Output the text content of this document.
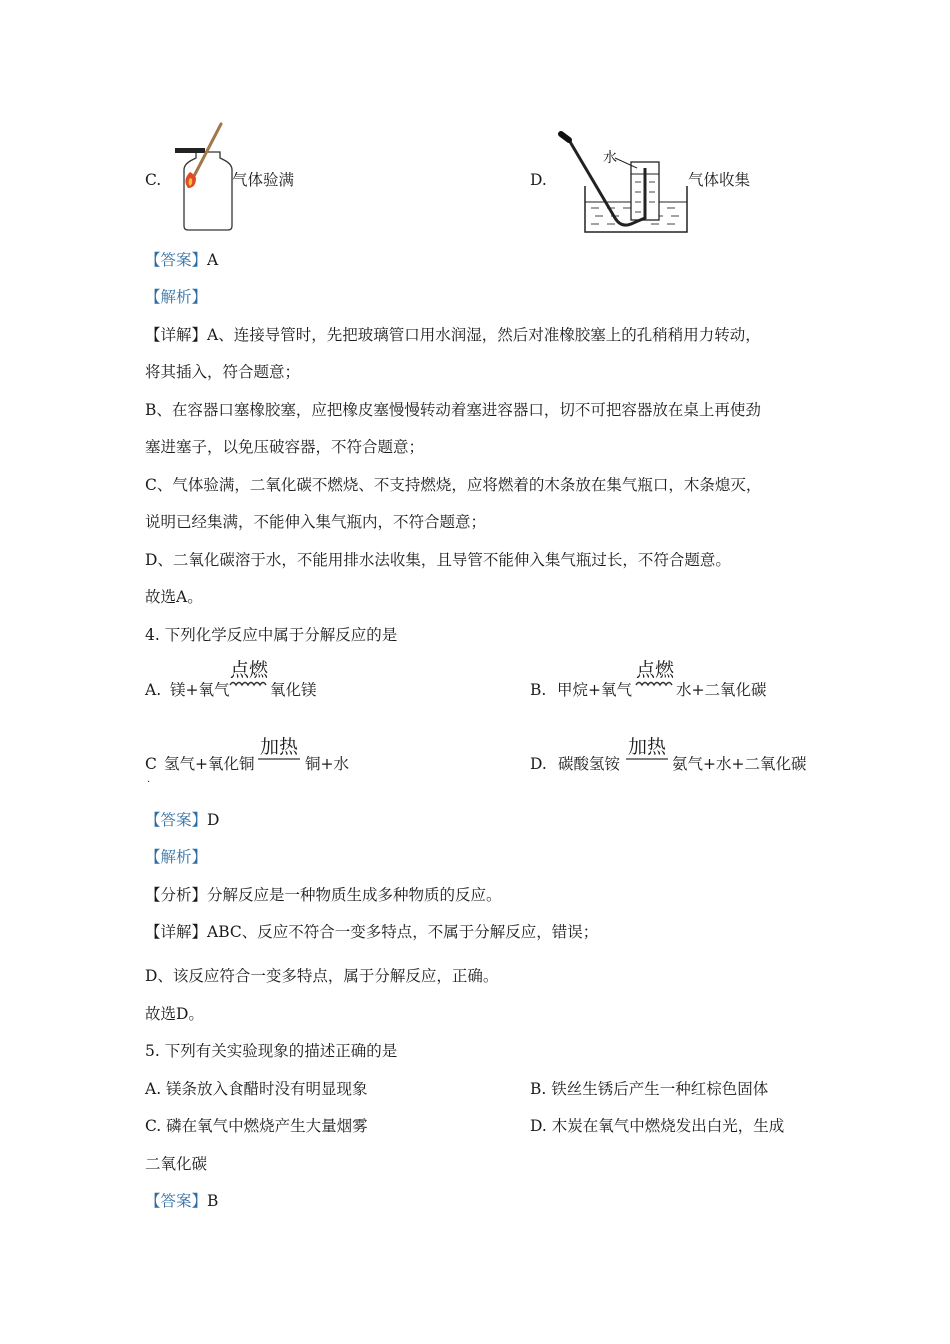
C.	气体验满	D.
水
气体收集
【答案】A
【解析】
【详解】A、连接导管时，先把玻璃管口用水润湿，然后对准橡胶塞上的孔稍稍用力转动，
将其插入，符合题意；
B、在容器口塞橡胶塞，应把橡皮塞慢慢转动着塞进容器口，切不可把容器放在桌上再使劲
塞进塞子，以免压破容器，不符合题意；
C、气体验满，二氧化碳不燃烧、不支持燃烧，应将燃着的木条放在集气瓶口，木条熄灭，
说明已经集满，不能伸入集气瓶内，不符合题意；
D、二氧化碳溶于水，不能用排水法收集，且导管不能伸入集气瓶过长，不符合题意。
故选A。
4. 下列化学反应中属于分解反应的是
A. 镁+氧气
点燃
氧化镁	B. 甲烷+氧气
点燃
水+二氧化碳
C
.
氢气+氧化铜
加热
铜+水	D. 碳酸氢铵
加热
氨气+水+二氧化碳
【答案】D
【解析】
【分析】分解反应是一种物质生成多种物质的反应。
【详解】ABC、反应不符合一变多特点，不属于分解反应，错误；
D、该反应符合一变多特点，属于分解反应，正确。
故选D。
5. 下列有关实验现象的描述正确的是
A. 镁条放入食醋时没有明显现象	B. 铁丝生锈后产生一种红棕色固体
C. 磷在氧气中燃烧产生大量烟雾	D. 木炭在氧气中燃烧发出白光，生成
二氧化碳
【答案】B
